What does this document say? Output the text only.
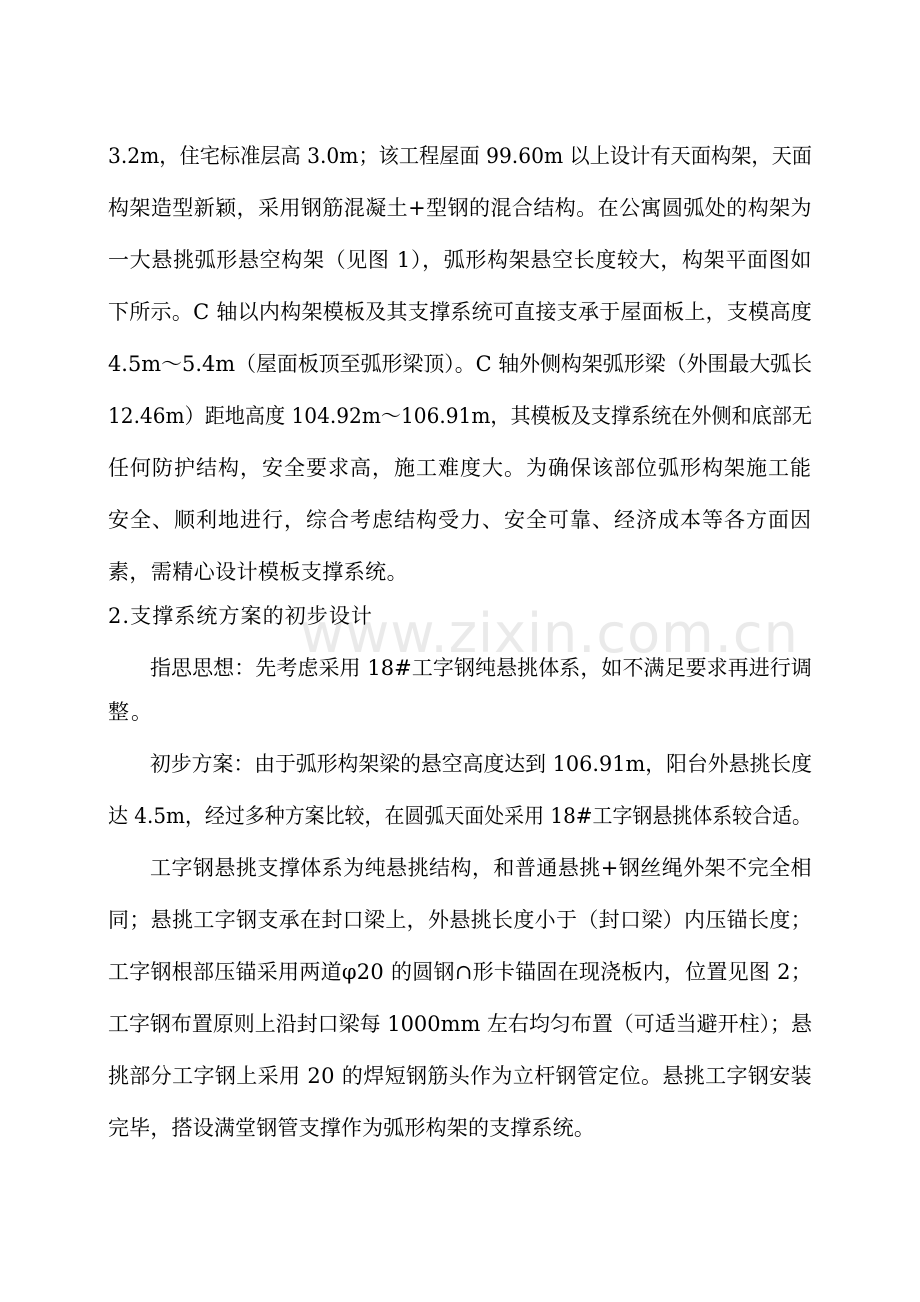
www.zixin.com.cn
3.2m，住宅标准层高 3.0m；该工程屋面 99.60m 以上设计有天面构架，天面
构架造型新颖，采用钢筋混凝土+型钢的混合结构。在公寓圆弧处的构架为
一大悬挑弧形悬空构架（见图 1），弧形构架悬空长度较大，构架平面图如
下所示。C 轴以内构架模板及其支撑系统可直接支承于屋面板上，支模高度
4.5m～5.4m（屋面板顶至弧形梁顶）。C 轴外侧构架弧形梁（外围最大弧长
12.46m）距地高度 104.92m～106.91m，其模板及支撑系统在外侧和底部无
任何防护结构，安全要求高，施工难度大。为确保该部位弧形构架施工能
安全、顺利地进行，综合考虑结构受力、安全可靠、经济成本等各方面因
素，需精心设计模板支撑系统。
2.支撑系统方案的初步设计
指思思想：先考虑采用 18#工字钢纯悬挑体系，如不满足要求再进行调
整。
初步方案：由于弧形构架梁的悬空高度达到 106.91m，阳台外悬挑长度
达 4.5m，经过多种方案比较，在圆弧天面处采用 18#工字钢悬挑体系较合适。
工字钢悬挑支撑体系为纯悬挑结构，和普通悬挑+钢丝绳外架不完全相
同；悬挑工字钢支承在封口梁上，外悬挑长度小于（封口梁）内压锚长度；
工字钢根部压锚采用两道φ20 的圆钢∩形卡锚固在现浇板内，位置见图 2；
工字钢布置原则上沿封口梁每 1000mm 左右均匀布置（可适当避开柱）；悬
挑部分工字钢上采用 20 的焊短钢筋头作为立杆钢管定位。悬挑工字钢安装
完毕，搭设满堂钢管支撑作为弧形构架的支撑系统。
